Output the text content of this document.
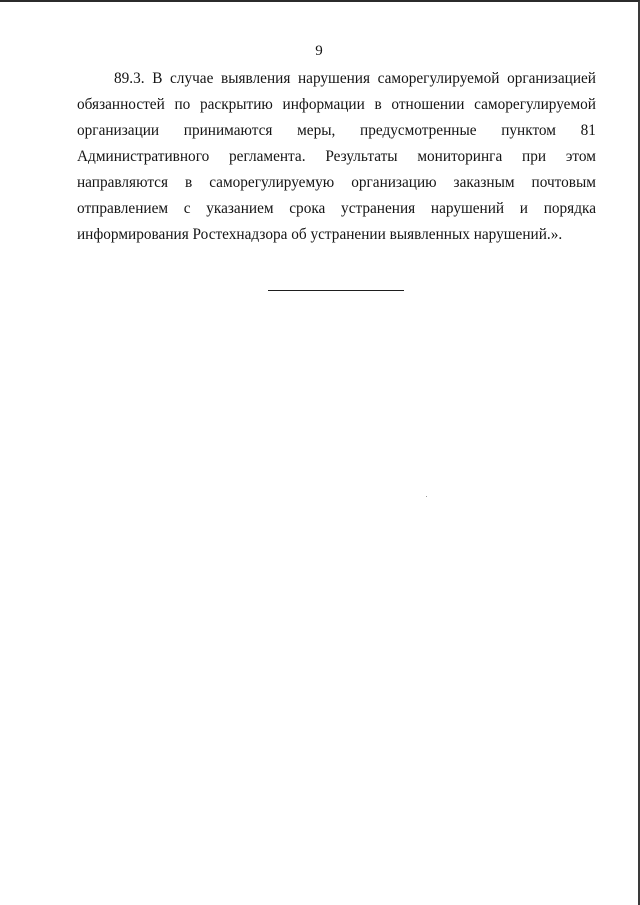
9
89.3. В случае выявления нарушения саморегулируемой организацией
обязанностей по раскрытию информации в отношении саморегулируемой
организации принимаются меры, предусмотренные пунктом 81
Административного регламента. Результаты мониторинга при этом
направляются в саморегулируемую организацию заказным почтовым
отправлением с указанием срока устранения нарушений и порядка
информирования Ростехнадзора об устранении выявленных нарушений.».
